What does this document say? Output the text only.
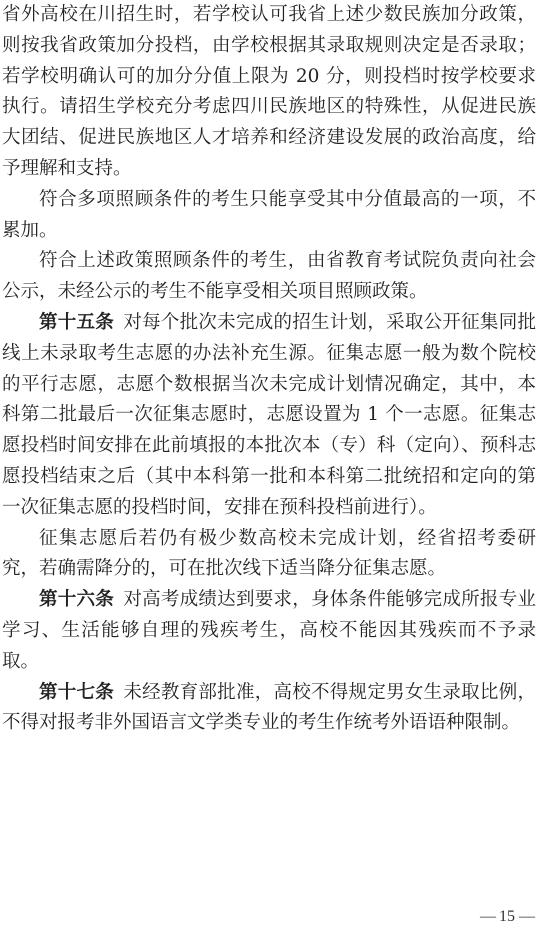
省外高校在川招生时，若学校认可我省上述少数民族加分政策，则按我省政策加分投档，由学校根据其录取规则决定是否录取；若学校明确认可的加分分值上限为 20 分，则投档时按学校要求执行。请招生学校充分考虑四川民族地区的特殊性，从促进民族大团结、促进民族地区人才培养和经济建设发展的政治高度，给予理解和支持。

符合多项照顾条件的考生只能享受其中分值最高的一项，不累加。

符合上述政策照顾条件的考生，由省教育考试院负责向社会公示，未经公示的考生不能享受相关项目照顾政策。

第十五条 对每个批次未完成的招生计划，采取公开征集同批线上未录取考生志愿的办法补充生源。征集志愿一般为数个院校的平行志愿，志愿个数根据当次未完成计划情况确定，其中，本科第二批最后一次征集志愿时，志愿设置为 1 个一志愿。征集志愿投档时间安排在此前填报的本批次本（专）科（定向）、预科志愿投档结束之后（其中本科第一批和本科第二批统招和定向的第一次征集志愿的投档时间，安排在预科投档前进行）。

征集志愿后若仍有极少数高校未完成计划，经省招考委研究，若确需降分的，可在批次线下适当降分征集志愿。

第十六条 对高考成绩达到要求，身体条件能够完成所报专业学习、生活能够自理的残疾考生，高校不能因其残疾而不予录取。

第十七条 未经教育部批准，高校不得规定男女生录取比例，不得对报考非外国语言文学类专业的考生作统考外语语种限制。

— 15 —
